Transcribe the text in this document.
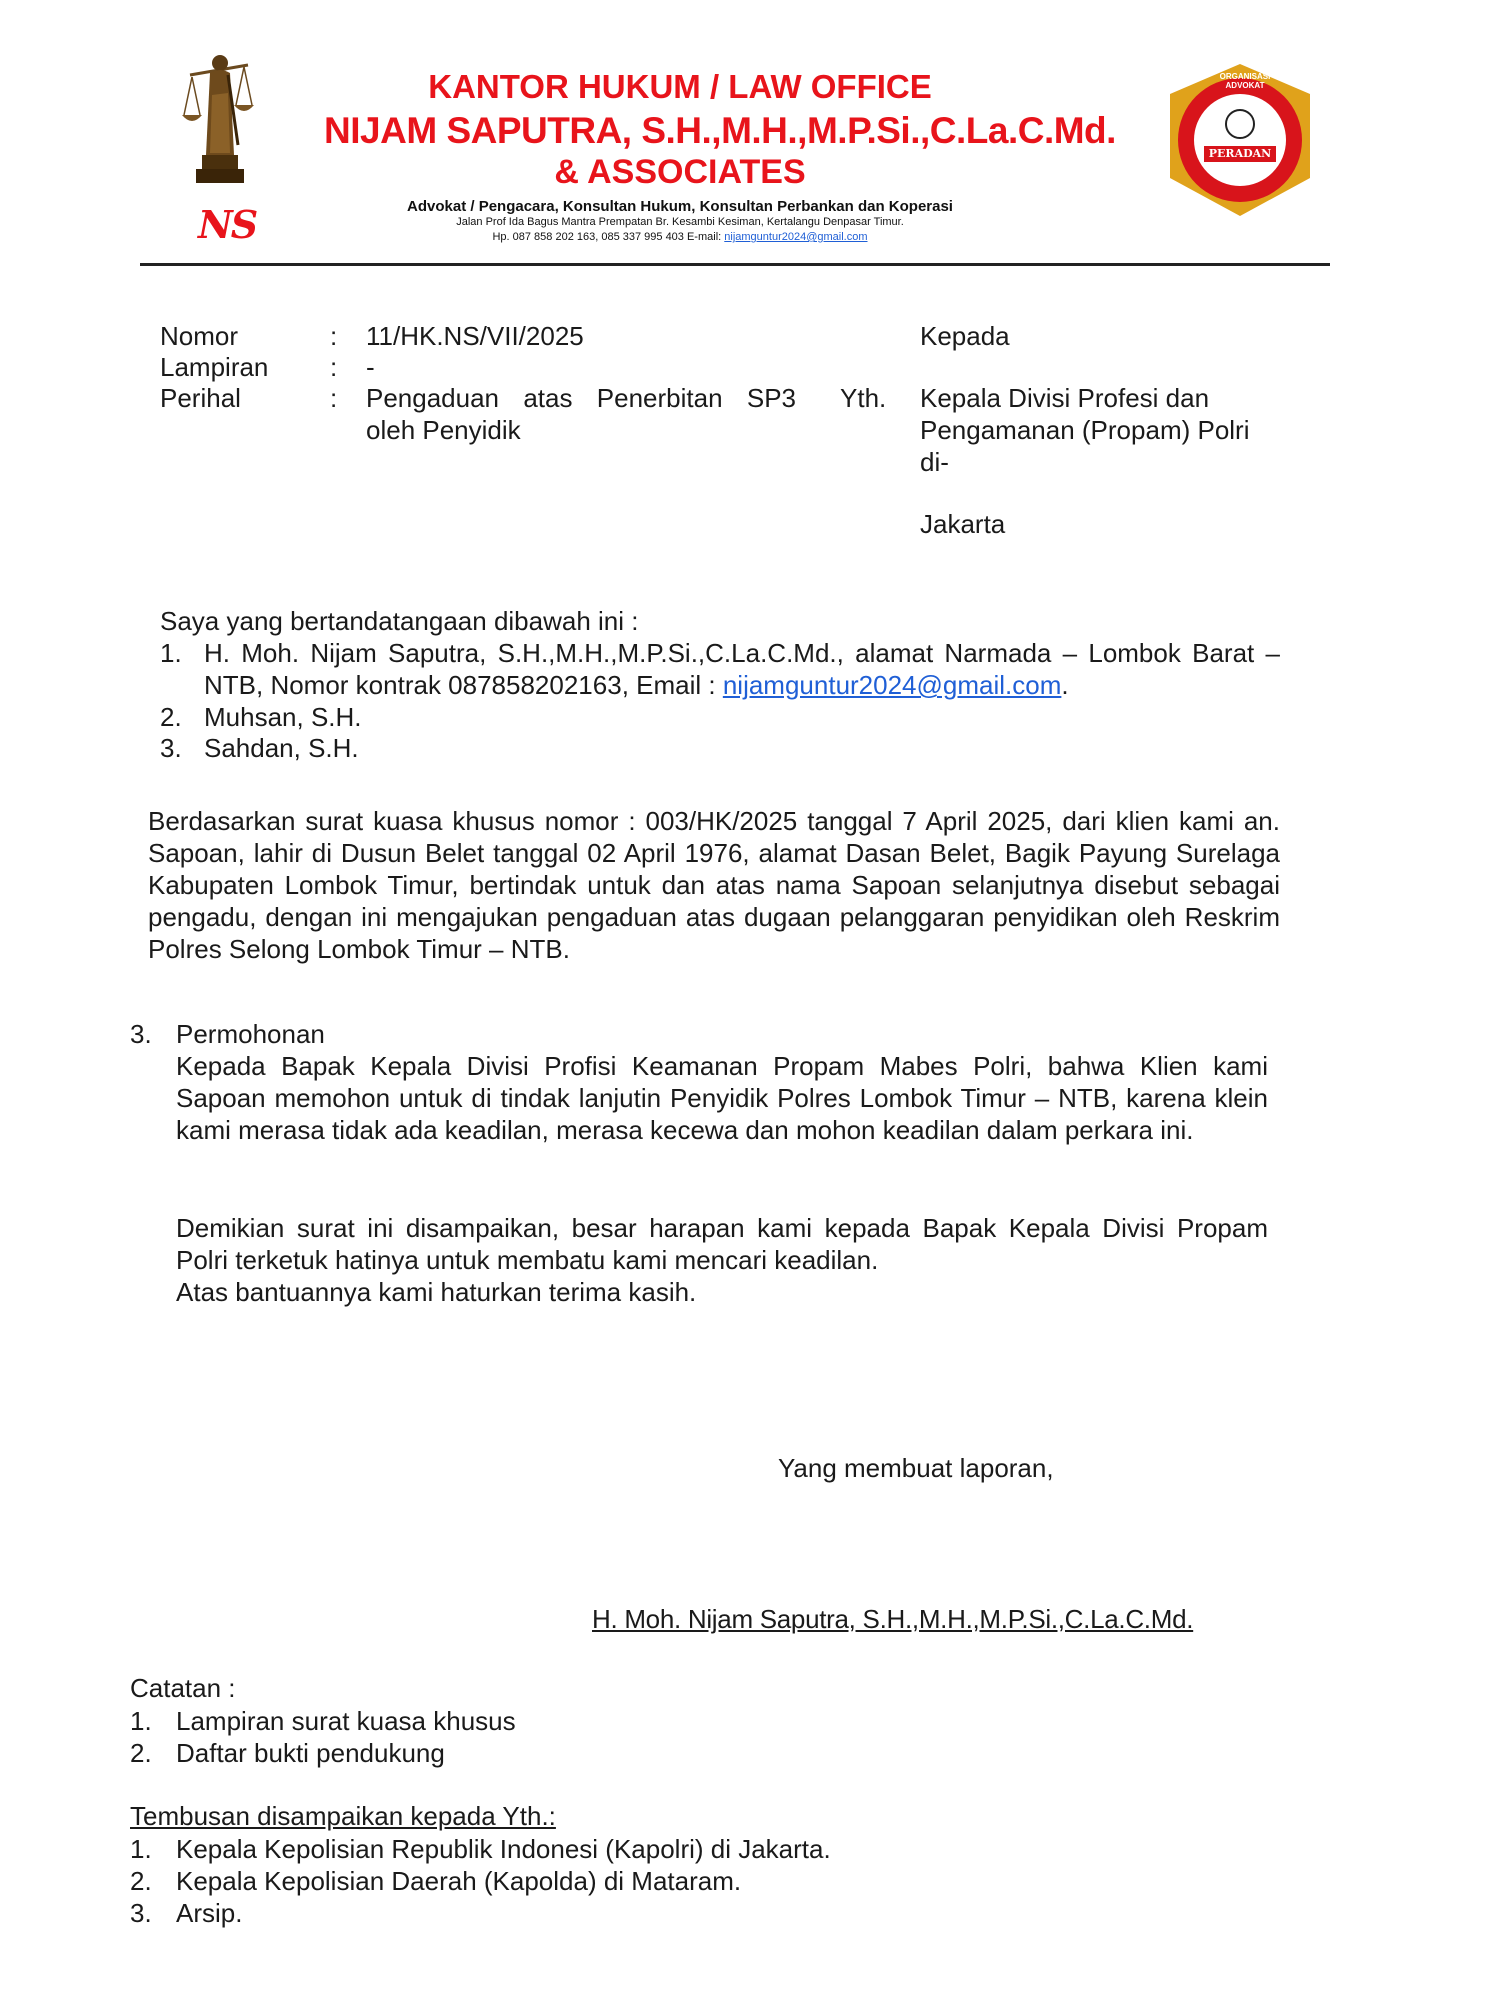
NS
KANTOR HUKUM / LAW OFFICE
NIJAM SAPUTRA, S.H.,M.H.,M.P.Si.,C.La.C.Md.
& ASSOCIATES
Advokat / Pengacara, Konsultan Hukum, Konsultan Perbankan dan Koperasi
Jalan Prof Ida Bagus Mantra Prempatan Br. Kesambi Kesiman, Kertalangu Denpasar Timur.
Hp. 087 858 202 163, 085 337 995 403 E-mail: nijamguntur2024@gmail.com
ORGANISASI ADVOKAT
PERADAN
ADVOKAT MEDIA
Nomor	: 11/HK.NS/VII/2025
Lampiran : -
Perihal	: Pengaduan atas Penerbitan SP3 oleh Penyidik
Kepada
Yth. Kepala Divisi Profesi dan Pengamanan (Propam) Polri di-
Jakarta
Saya yang bertandatangaan dibawah ini :
1. H. Moh. Nijam Saputra, S.H.,M.H.,M.P.Si.,C.La.C.Md., alamat Narmada – Lombok Barat – NTB, Nomor kontrak 087858202163, Email : nijamguntur2024@gmail.com.
2. Muhsan, S.H.
3. Sahdan, S.H.
Berdasarkan surat kuasa khusus nomor : 003/HK/2025 tanggal 7 April 2025, dari klien kami an. Sapoan, lahir di Dusun Belet tanggal 02 April 1976, alamat Dasan Belet, Bagik Payung Surelaga Kabupaten Lombok Timur, bertindak untuk dan atas nama Sapoan selanjutnya disebut sebagai pengadu, dengan ini mengajukan pengaduan atas dugaan pelanggaran penyidikan oleh Reskrim Polres Selong Lombok Timur – NTB.
3. Permohonan
Kepada Bapak Kepala Divisi Profisi Keamanan Propam Mabes Polri, bahwa Klien kami Sapoan memohon untuk di tindak lanjutin Penyidik Polres Lombok Timur – NTB, karena klein kami merasa tidak ada keadilan, merasa kecewa dan mohon keadilan dalam perkara ini.
Demikian surat ini disampaikan, besar harapan kami kepada Bapak Kepala Divisi Propam Polri terketuk hatinya untuk membatu kami mencari keadilan.
Atas bantuannya kami haturkan terima kasih.
Yang membuat laporan,
H. Moh. Nijam Saputra, S.H.,M.H.,M.P.Si.,C.La.C.Md.
Catatan :
1. Lampiran surat kuasa khusus
2. Daftar bukti pendukung
Tembusan disampaikan kepada Yth.:
1. Kepala Kepolisian Republik Indonesi (Kapolri) di Jakarta.
2. Kepala Kepolisian Daerah (Kapolda) di Mataram.
3. Arsip.
